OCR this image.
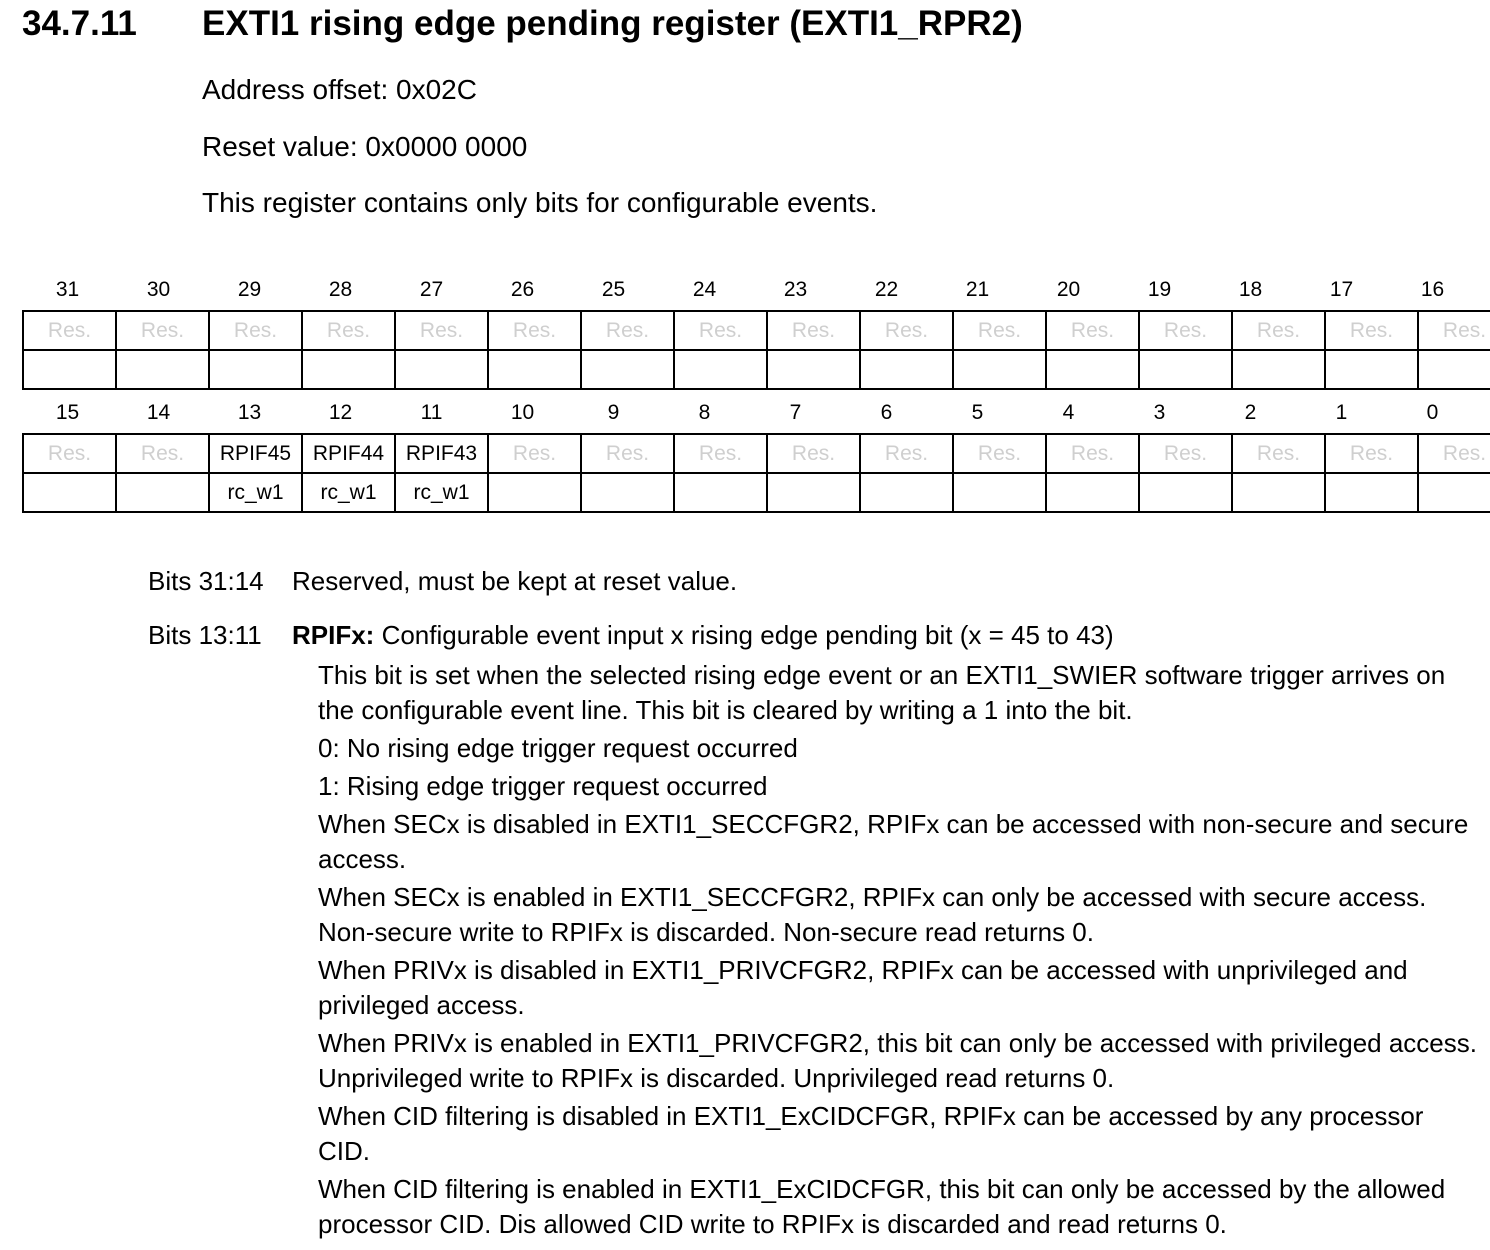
34.7.11 EXTI1 rising edge pending register (EXTI1_RPR2)
Address offset: 0x02C
Reset value: 0x0000 0000
This register contains only bits for configurable events.
31	30	29	28	27	26	25	24	23	22	21	20	19	18	17	16
Res.	Res.	Res.	Res.	Res.	Res.	Res.	Res.	Res.	Res.	Res.	Res.	Res.	Res.	Res.	Res.

15	14	13	12	11	10	9	8	7	6	5	4	3	2	1	0
Res.	Res.	RPIF45	RPIF44	RPIF43	Res.	Res.	Res.	Res.	Res.	Res.	Res.	Res.	Res.	Res.	Res.
		rc_w1	rc_w1	rc_w1											
Bits 31:14 Reserved, must be kept at reset value.
Bits 13:11 RPIFx: Configurable event input x rising edge pending bit (x = 45 to 43)

This bit is set when the selected rising edge event or an EXTI1_SWIER software trigger arrives on the configurable event line. This bit is cleared by writing a 1 into the bit.

0: No rising edge trigger request occurred

1: Rising edge trigger request occurred

When SECx is disabled in EXTI1_SECCFGR2, RPIFx can be accessed with non-secure and secure access.

When SECx is enabled in EXTI1_SECCFGR2, RPIFx can only be accessed with secure access. Non-secure write to RPIFx is discarded. Non-secure read returns 0.

When PRIVx is disabled in EXTI1_PRIVCFGR2, RPIFx can be accessed with unprivileged and privileged access.

When PRIVx is enabled in EXTI1_PRIVCFGR2, this bit can only be accessed with privileged access. Unprivileged write to RPIFx is discarded. Unprivileged read returns 0.

When CID filtering is disabled in EXTI1_ExCIDCFGR, RPIFx can be accessed by any processor CID.

When CID filtering is enabled in EXTI1_ExCIDCFGR, this bit can only be accessed by the allowed processor CID. Dis allowed CID write to RPIFx is discarded and read returns 0.
